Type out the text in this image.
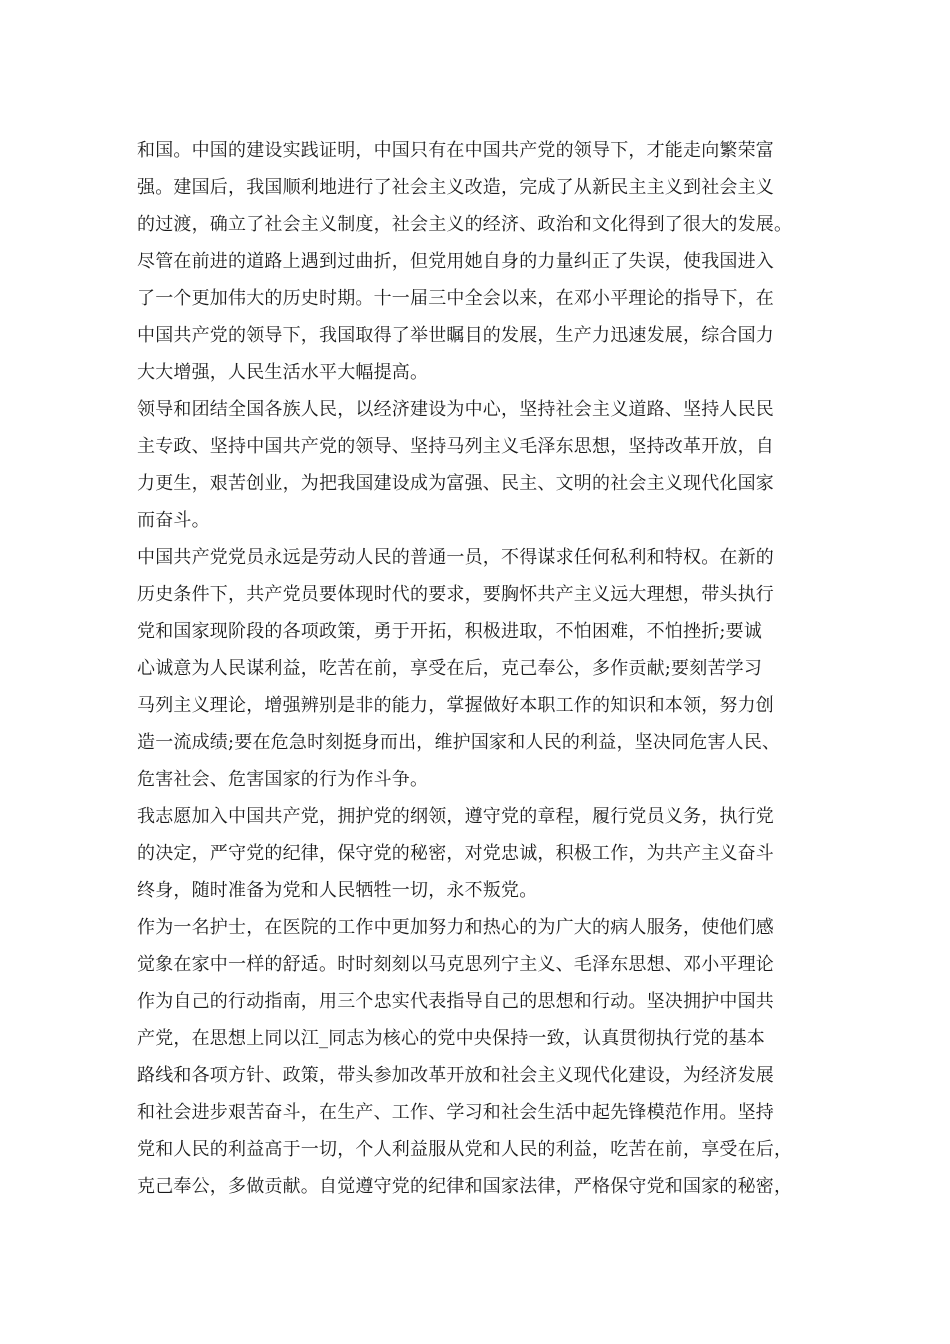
和国。中国的建设实践证明，中国只有在中国共产党的领导下，才能走向繁荣富
强。建国后，我国顺利地进行了社会主义改造，完成了从新民主主义到社会主义
的过渡，确立了社会主义制度，社会主义的经济、政治和文化得到了很大的发展。
尽管在前进的道路上遇到过曲折，但党用她自身的力量纠正了失误，使我国进入
了一个更加伟大的历史时期。十一届三中全会以来，在邓小平理论的指导下，在
中国共产党的领导下，我国取得了举世瞩目的发展，生产力迅速发展，综合国力
大大增强，人民生活水平大幅提高。
领导和团结全国各族人民，以经济建设为中心，坚持社会主义道路、坚持人民民
主专政、坚持中国共产党的领导、坚持马列主义毛泽东思想，坚持改革开放，自
力更生，艰苦创业，为把我国建设成为富强、民主、文明的社会主义现代化国家
而奋斗。
中国共产党党员永远是劳动人民的普通一员，不得谋求任何私利和特权。在新的
历史条件下，共产党员要体现时代的要求，要胸怀共产主义远大理想，带头执行
党和国家现阶段的各项政策，勇于开拓，积极进取，不怕困难，不怕挫折;要诚
心诚意为人民谋利益，吃苦在前，享受在后，克己奉公，多作贡献;要刻苦学习
马列主义理论，增强辨别是非的能力，掌握做好本职工作的知识和本领，努力创
造一流成绩;要在危急时刻挺身而出，维护国家和人民的利益，坚决同危害人民、
危害社会、危害国家的行为作斗争。
我志愿加入中国共产党，拥护党的纲领，遵守党的章程，履行党员义务，执行党
的决定，严守党的纪律，保守党的秘密，对党忠诚，积极工作，为共产主义奋斗
终身，随时准备为党和人民牺牲一切，永不叛党。
作为一名护士，在医院的工作中更加努力和热心的为广大的病人服务，使他们感
觉象在家中一样的舒适。时时刻刻以马克思列宁主义、毛泽东思想、邓小平理论
作为自己的行动指南，用三个忠实代表指导自己的思想和行动。坚决拥护中国共
产党，在思想上同以江_同志为核心的党中央保持一致，认真贯彻执行党的基本
路线和各项方针、政策，带头参加改革开放和社会主义现代化建设，为经济发展
和社会进步艰苦奋斗，在生产、工作、学习和社会生活中起先锋模范作用。坚持
党和人民的利益高于一切，个人利益服从党和人民的利益，吃苦在前，享受在后，
克己奉公，多做贡献。自觉遵守党的纪律和国家法律，严格保守党和国家的秘密，
